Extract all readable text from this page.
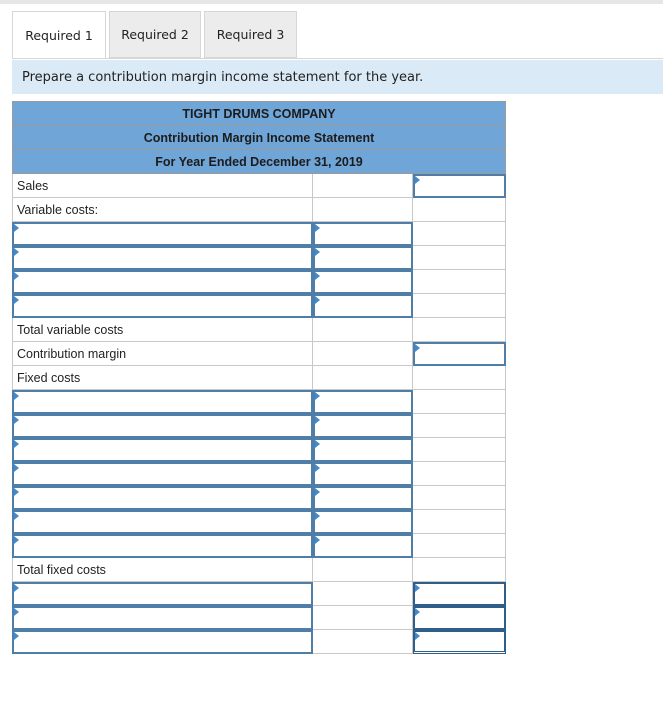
Required 1	Required 2	Required 3
Prepare a contribution margin income statement for the year.
TIGHT DRUMS COMPANY
Contribution Margin Income Statement
For Year Ended December 31, 2019
Sales
Variable costs:
Total variable costs
Contribution margin
Fixed costs
Total fixed costs
